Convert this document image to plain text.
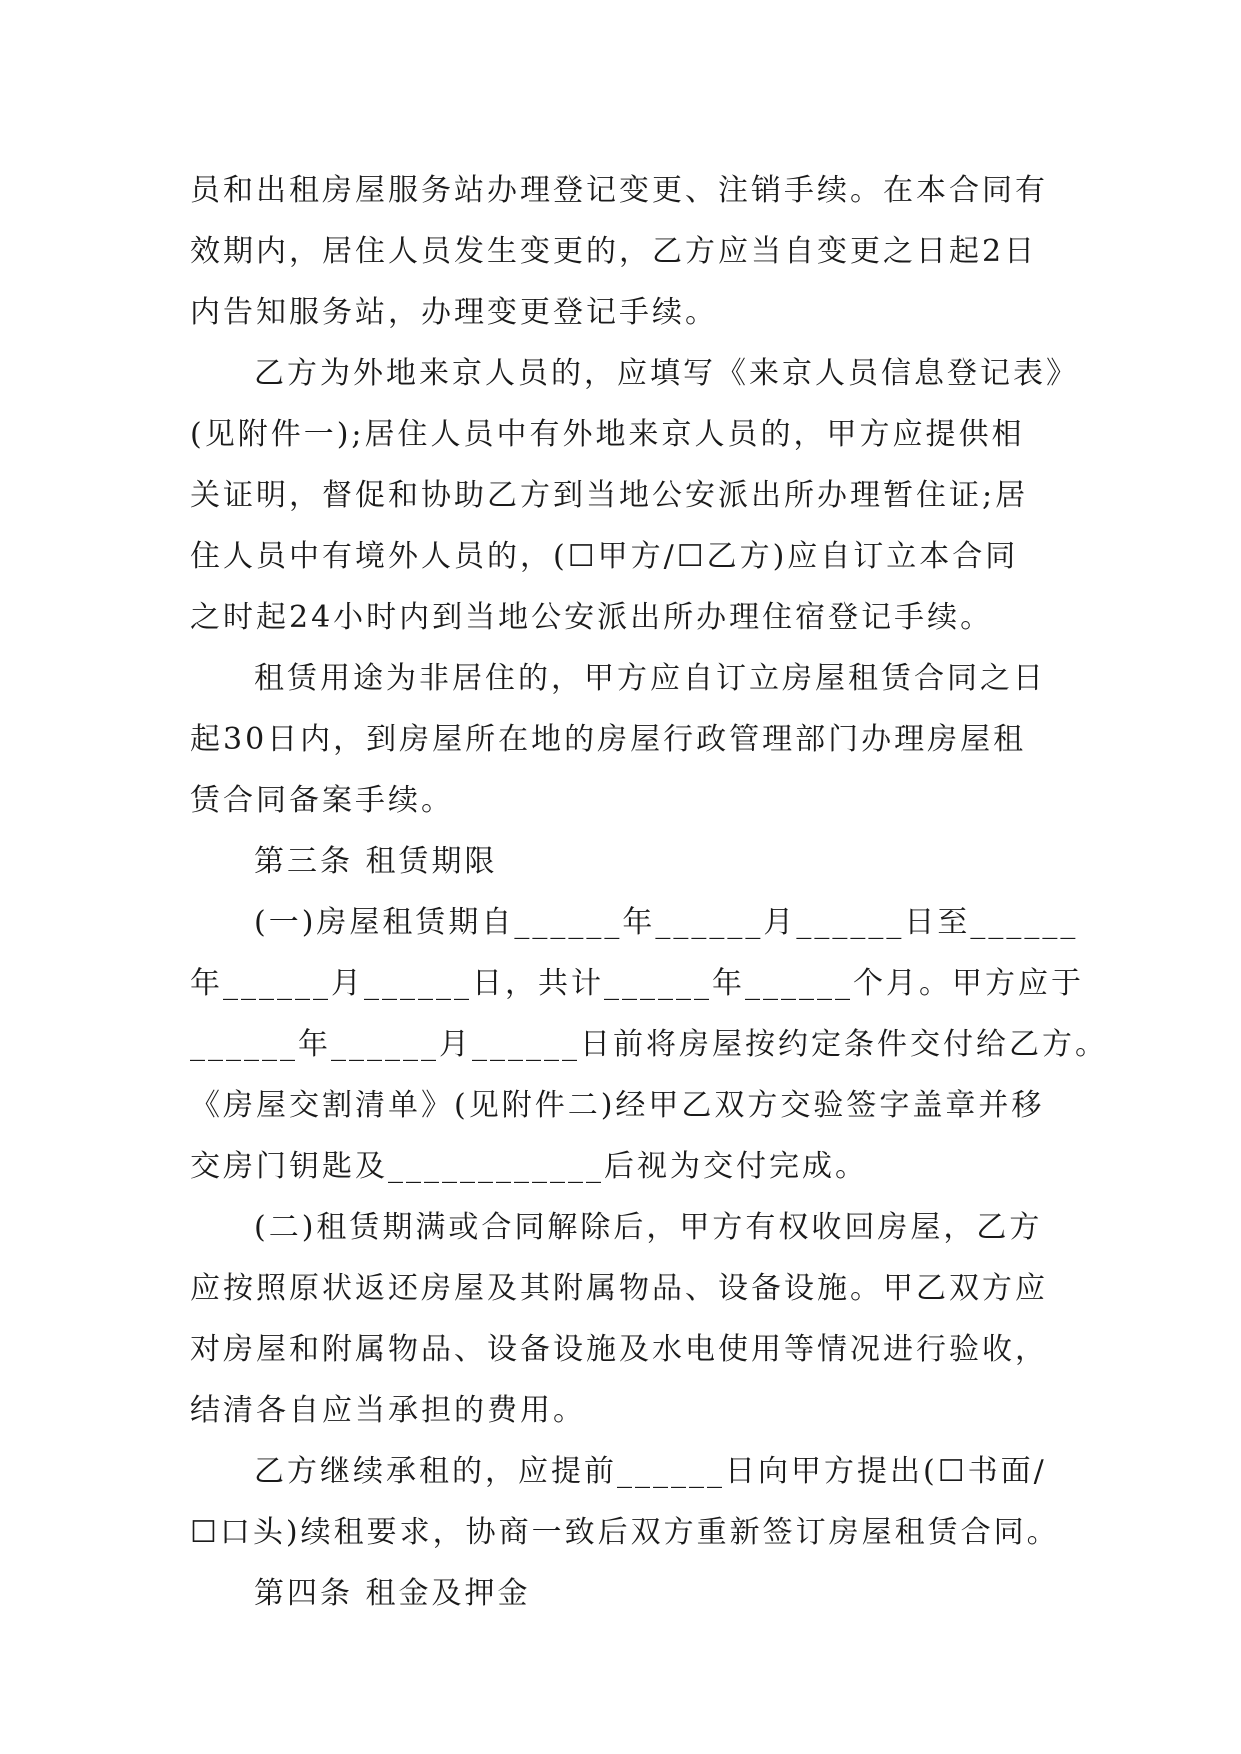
员和出租房屋服务站办理登记变更、注销手续。在本合同有
效期内，居住人员发生变更的，乙方应当自变更之日起2日
内告知服务站，办理变更登记手续。
乙方为外地来京人员的，应填写《来京人员信息登记表》
(见附件一);居住人员中有外地来京人员的，甲方应提供相
关证明，督促和协助乙方到当地公安派出所办理暂住证;居
住人员中有境外人员的，(☐甲方/☐乙方)应自订立本合同
之时起24小时内到当地公安派出所办理住宿登记手续。
租赁用途为非居住的，甲方应自订立房屋租赁合同之日
起30日内，到房屋所在地的房屋行政管理部门办理房屋租
赁合同备案手续。
第三条 租赁期限
(一)房屋租赁期自______年______月______日至______
年______月______日，共计______年______个月。甲方应于
______年______月______日前将房屋按约定条件交付给乙方。
《房屋交割清单》(见附件二)经甲乙双方交验签字盖章并移
交房门钥匙及____________后视为交付完成。
(二)租赁期满或合同解除后，甲方有权收回房屋，乙方
应按照原状返还房屋及其附属物品、设备设施。甲乙双方应
对房屋和附属物品、设备设施及水电使用等情况进行验收，
结清各自应当承担的费用。
乙方继续承租的，应提前______日向甲方提出(☐书面/
☐口头)续租要求，协商一致后双方重新签订房屋租赁合同。
第四条 租金及押金
